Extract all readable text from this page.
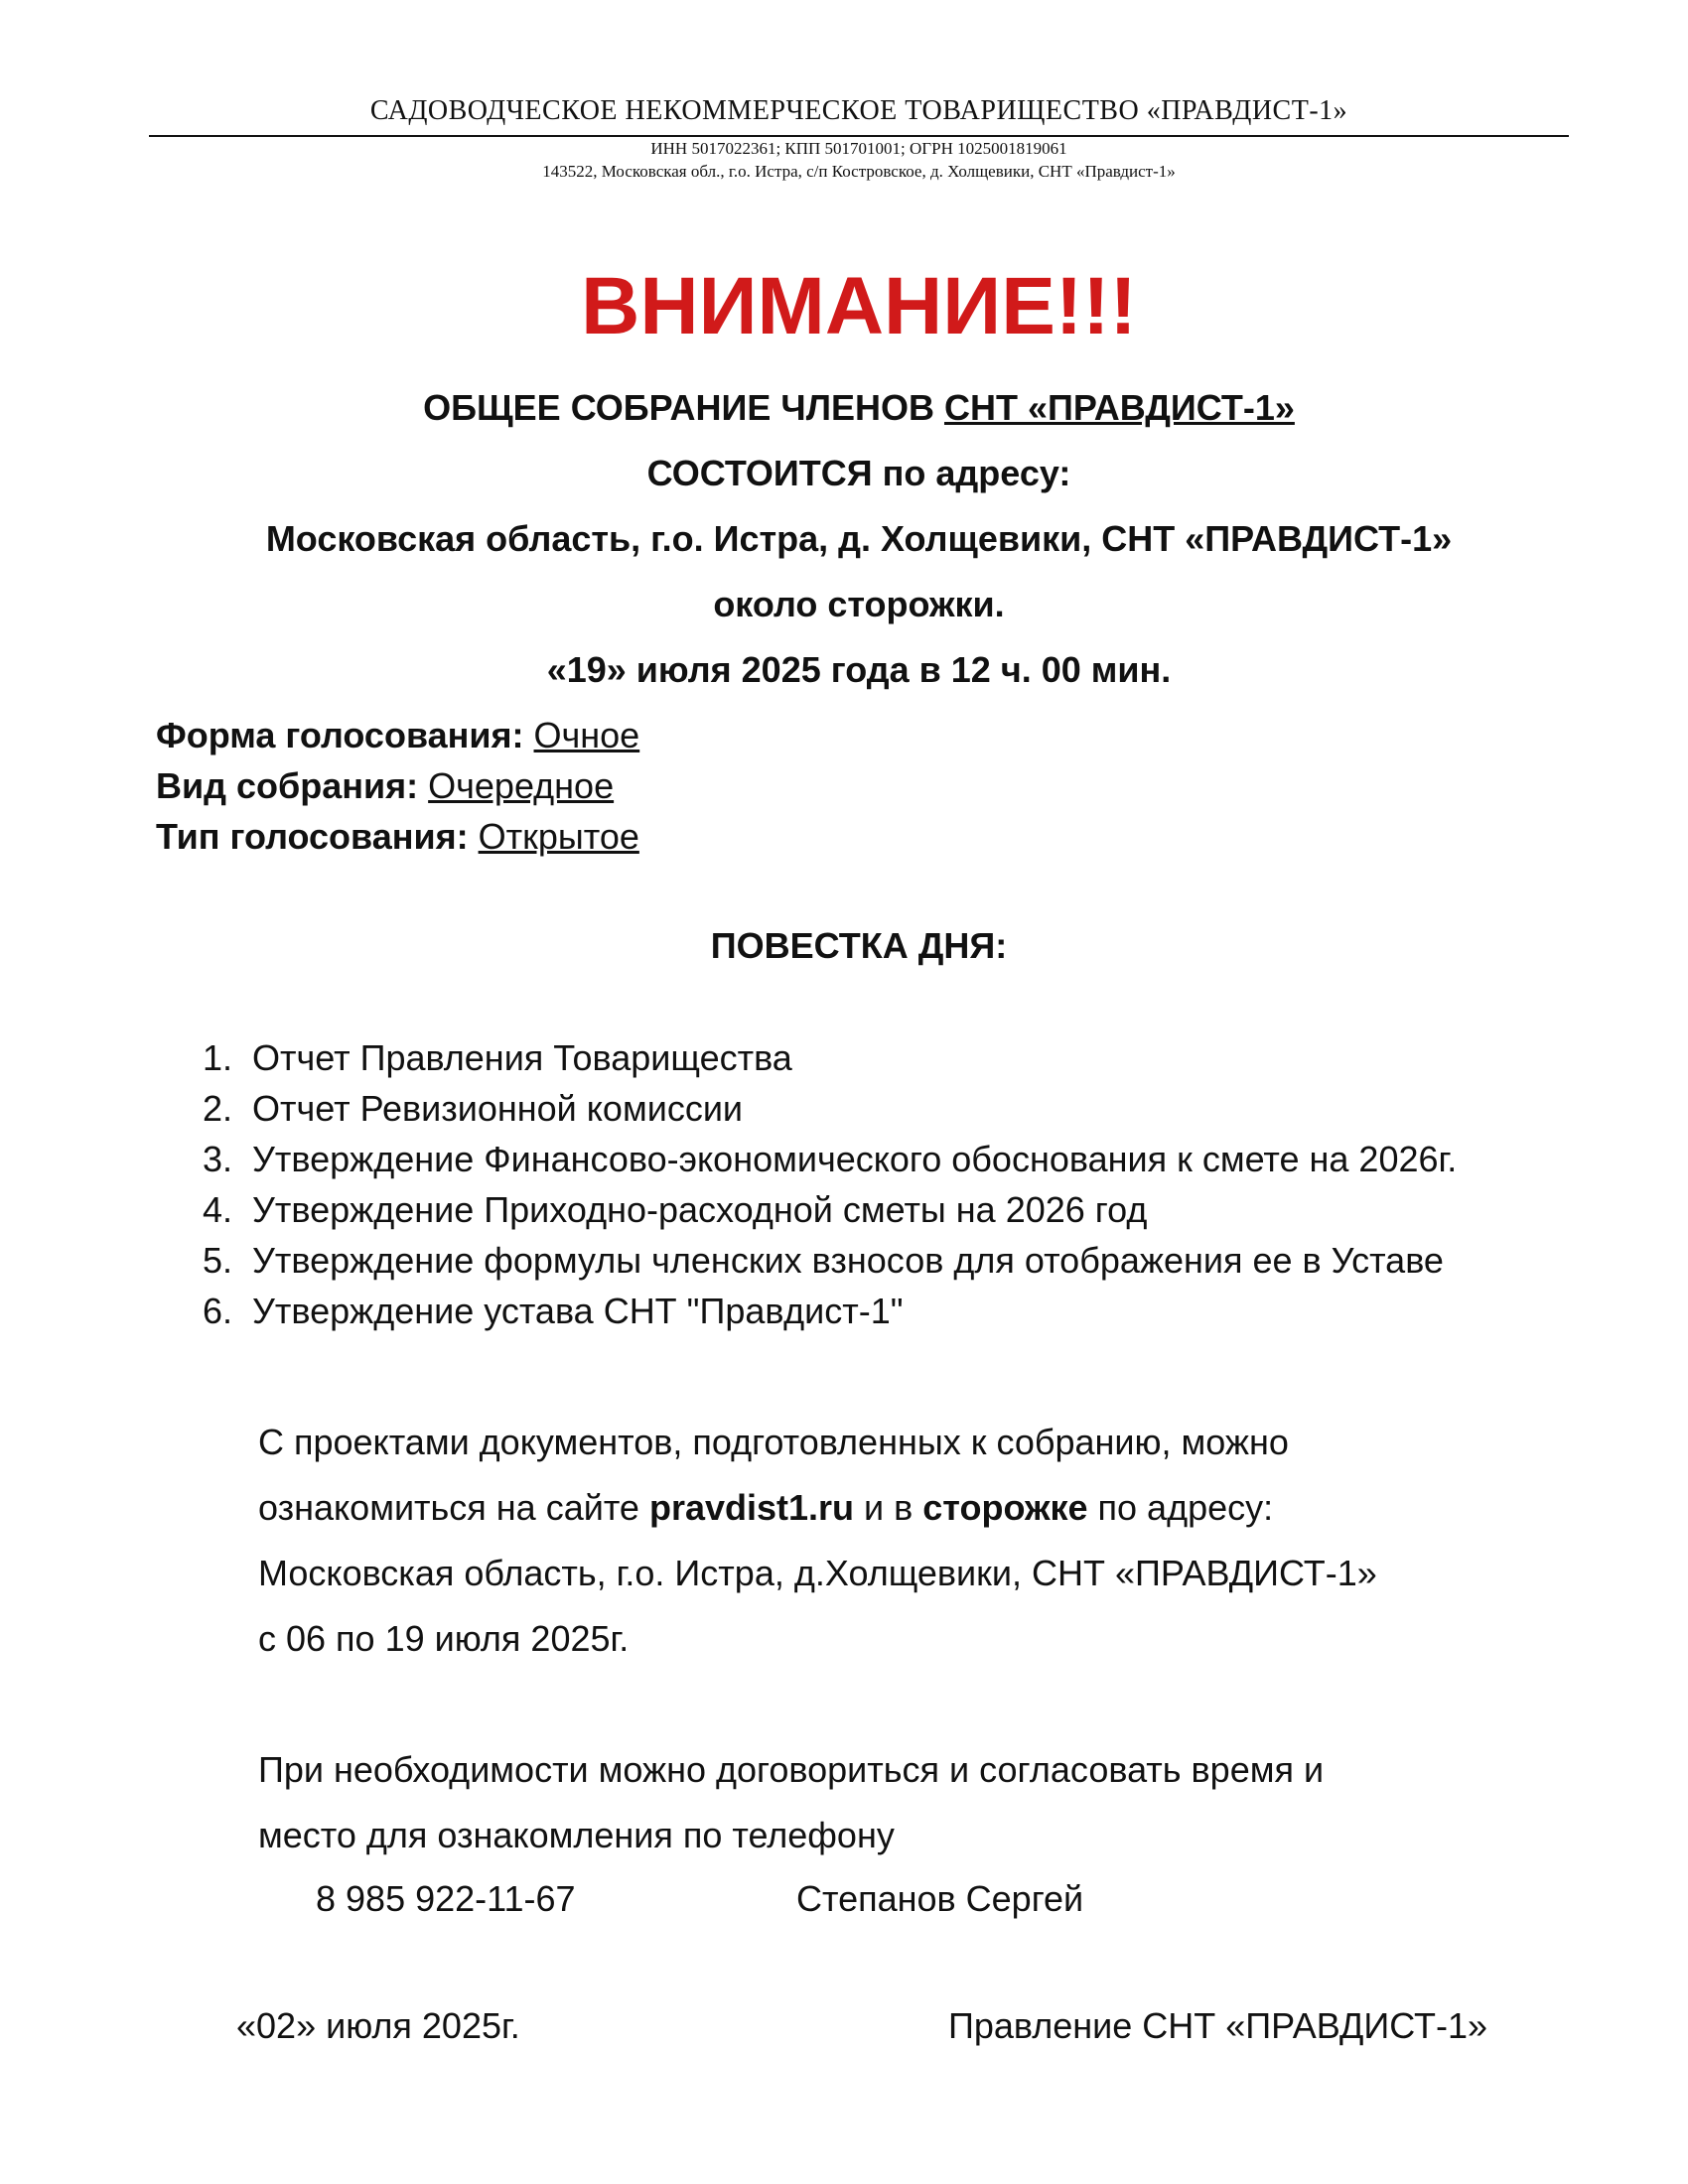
САДОВОДЧЕСКОЕ НЕКОММЕРЧЕСКОЕ ТОВАРИЩЕСТВО «ПРАВДИСТ-1»
ИНН 5017022361; КПП 501701001; ОГРН 1025001819061
143522, Московская обл., г.о. Истра, с/п Костровское, д. Холщевики, СНТ «Правдист-1»
ВНИМАНИЕ!!!
ОБЩЕЕ СОБРАНИЕ ЧЛЕНОВ СНТ «ПРАВДИСТ-1»
СОСТОИТСЯ по адресу:
Московская область, г.о. Истра, д. Холщевики, СНТ «ПРАВДИСТ-1»
около сторожки.
«19» июля 2025 года в 12 ч. 00 мин.
Форма голосования: Очное
Вид собрания: Очередное
Тип голосования: Открытое
ПОВЕСТКА ДНЯ:
1. Отчет Правления Товарищества
2. Отчет Ревизионной комиссии
3. Утверждение Финансово-экономического обоснования к смете на 2026г.
4. Утверждение Приходно-расходной сметы на 2026 год
5. Утверждение формулы членских взносов для отображения ее в Уставе
6. Утверждение устава СНТ "Правдист-1"
С проектами документов, подготовленных к собранию, можно
ознакомиться на сайте pravdist1.ru и в сторожке по адресу:
Московская область, г.о. Истра, д.Холщевики, СНТ «ПРАВДИСТ-1»
с 06 по 19 июля 2025г.
При необходимости можно договориться и согласовать время и
место для ознакомления по телефону
8 985 922-11-67	Степанов Сергей
«02» июля 2025г.	Правление СНТ «ПРАВДИСТ-1»
